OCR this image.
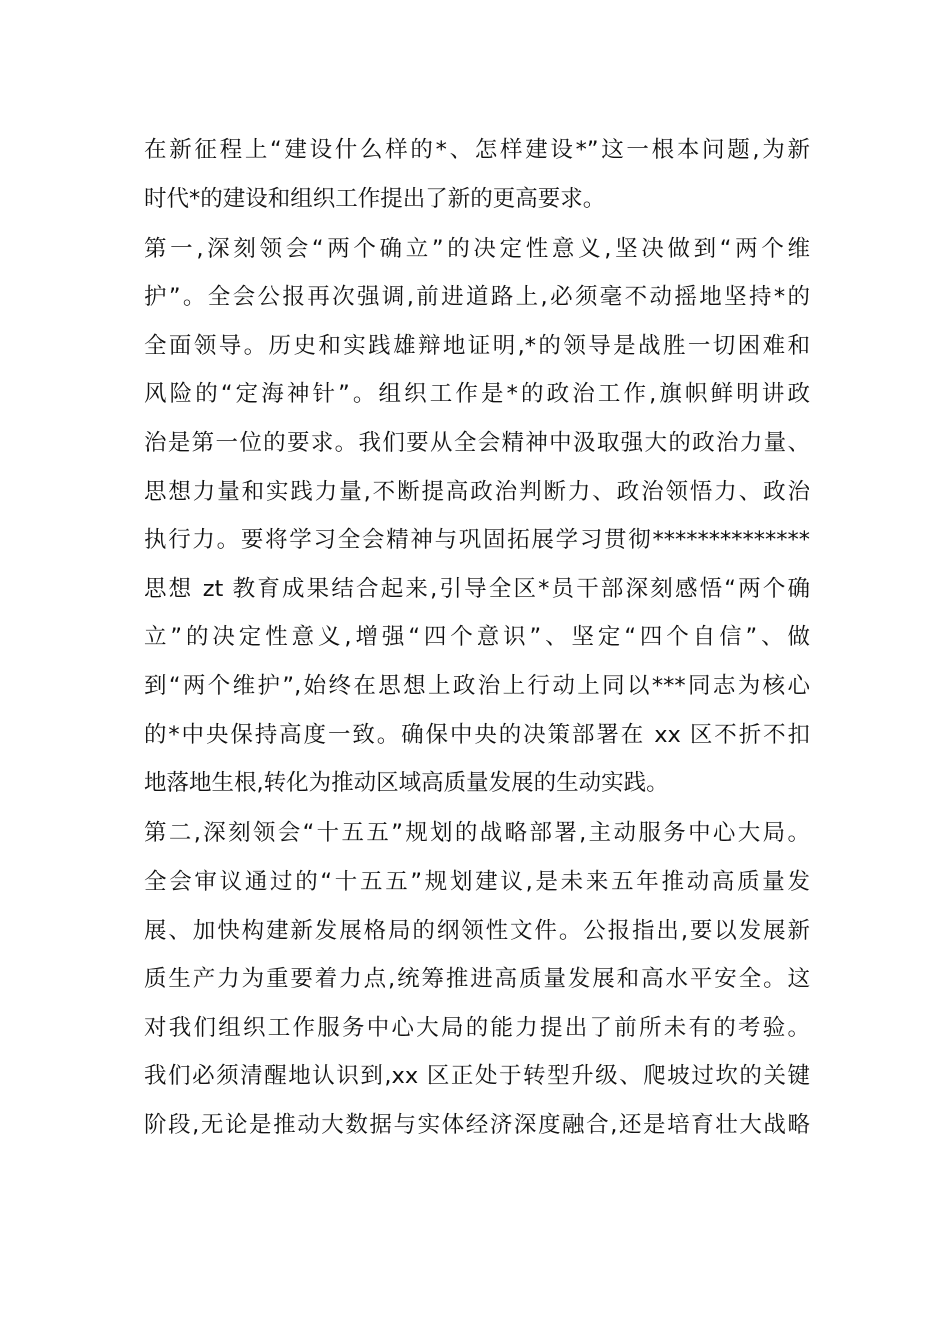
在新征程上“建设什么样的*、怎样建设*”这一根本问题,为新
时代*的建设和组织工作提出了新的更高要求。
第一,深刻领会“两个确立”的决定性意义,坚决做到“两个维
护”。全会公报再次强调,前进道路上,必须毫不动摇地坚持*的
全面领导。历史和实践雄辩地证明,*的领导是战胜一切困难和
风险的“定海神针”。组织工作是*的政治工作,旗帜鲜明讲政
治是第一位的要求。我们要从全会精神中汲取强大的政治力量、
思想力量和实践力量,不断提高政治判断力、政治领悟力、政治
执行力。要将学习全会精神与巩固拓展学习贯彻**************
思想 zt 教育成果结合起来,引导全区*员干部深刻感悟“两个确
立”的决定性意义,增强“四个意识”、坚定“四个自信”、做
到“两个维护”,始终在思想上政治上行动上同以***同志为核心
的*中央保持高度一致。确保中央的决策部署在 xx 区不折不扣
地落地生根,转化为推动区域高质量发展的生动实践。
第二,深刻领会“十五五”规划的战略部署,主动服务中心大局。
全会审议通过的“十五五”规划建议,是未来五年推动高质量发
展、加快构建新发展格局的纲领性文件。公报指出,要以发展新
质生产力为重要着力点,统筹推进高质量发展和高水平安全。这
对我们组织工作服务中心大局的能力提出了前所未有的考验。
我们必须清醒地认识到,xx 区正处于转型升级、爬坡过坎的关键
阶段,无论是推动大数据与实体经济深度融合,还是培育壮大战略
